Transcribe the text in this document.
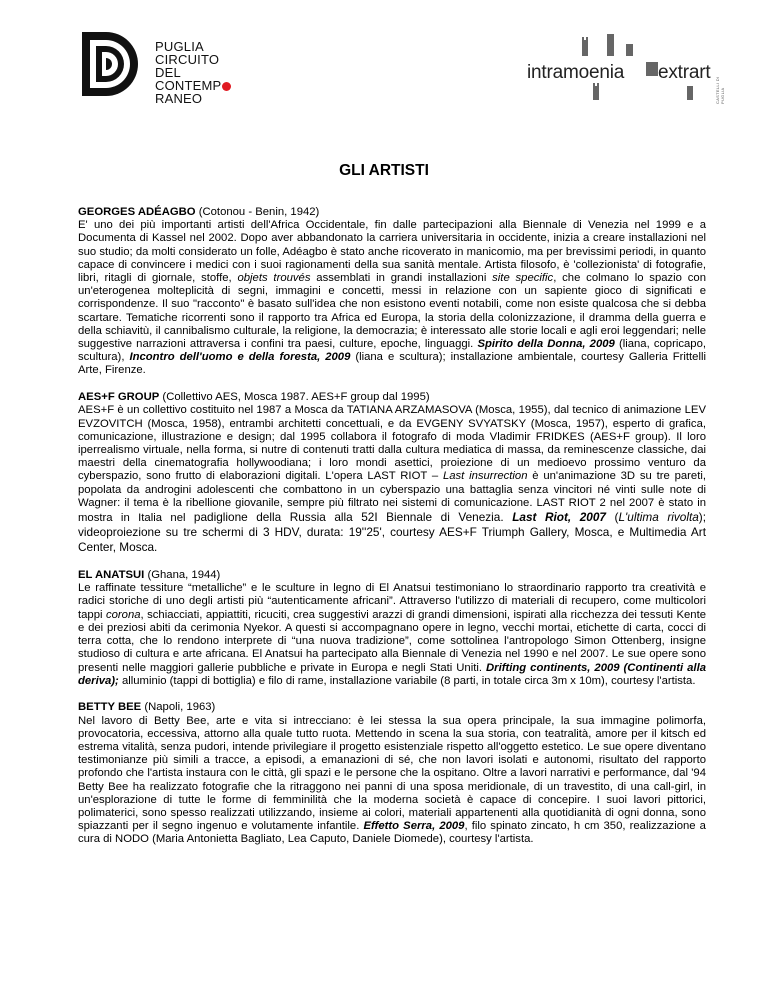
PUGLIA
CIRCUITO DEL
CONTEMPRANEO
intramoenia extrart
CASTELLI DI PUGLIA
GLI ARTISTI

GEORGES ADÉAGBO (Cotonou - Benin, 1942)

E' uno dei più importanti artisti dell'Africa Occidentale, fin dalle partecipazioni alla Biennale di Venezia nel 1999 e a Documenta di Kassel nel 2002. Dopo aver abbandonato la carriera universitaria in occidente, inizia a creare installazioni nel suo studio; da molti considerato un folle, Adéagbo è stato anche ricoverato in manicomio, ma per brevissimi periodi, in quanto capace di convincere i medici con i suoi ragionamenti della sua sanità mentale. Artista filosofo, è 'collezionista' di fotografie, libri, ritagli di giornale, stoffe, objets trouvés assemblati in grandi installazioni site specific, che colmano lo spazio con un'eterogenea molteplicità di segni, immagini e concetti, messi in relazione con un sapiente gioco di significati e corrispondenze. Il suo "racconto" è basato sull'idea che non esistono eventi notabili, come non esiste qualcosa che si debba scartare. Tematiche ricorrenti sono il rapporto tra Africa ed Europa, la storia della colonizzazione, il dramma della guerra e della schiavitù, il cannibalismo culturale, la religione, la democrazia; è interessato alle storie locali e agli eroi leggendari; nelle suggestive narrazioni attraversa i confini tra paesi, culture, epoche, linguaggi. Spirito della Donna, 2009 (liana, copricapo, scultura), Incontro dell'uomo e della foresta, 2009 (liana e scultura); installazione ambientale, courtesy Galleria Frittelli Arte, Firenze.

AES+F GROUP (Collettivo AES, Mosca 1987. AES+F group dal 1995)

AES+F è un collettivo costituito nel 1987 a Mosca da TATIANA ARZAMASOVA (Mosca, 1955), dal tecnico di animazione LEV EVZOVITCH (Mosca, 1958), entrambi architetti concettuali, e da EVGENY SVYATSKY (Mosca, 1957), esperto di grafica, comunicazione, illustrazione e design; dal 1995 collabora il fotografo di moda Vladimir FRIDKES (AES+F group). Il loro iperrealismo virtuale, nella forma, si nutre di contenuti tratti dalla cultura mediatica di massa, da reminescenze classiche, dai maestri della cinematografia hollywoodiana; i loro mondi asettici, proiezione di un medioevo prossimo venturo da cyberspazio, sono frutto di elaborazioni digitali. L'opera LAST RIOT – Last insurrection è un'animazione 3D su tre pareti, popolata da androgini adolescenti che combattono in un cyberspazio una battaglia senza vincitori né vinti sulle note di Wagner: il tema è la ribellione giovanile, sempre più filtrato nei sistemi di comunicazione. LAST RIOT 2 nel 2007 è stato in mostra in Italia nel padiglione della Russia alla 52I Biennale di Venezia. Last Riot, 2007 (L'ultima rivolta); videoproiezione su tre schermi di 3 HDV, durata: 19''25', courtesy AES+F Triumph Gallery, Mosca, e Multimedia Art Center, Mosca.

EL ANATSUI (Ghana, 1944)

Le raffinate tessiture “metalliche” e le sculture in legno di El Anatsui testimoniano lo straordinario rapporto tra creatività e radici storiche di uno degli artisti più “autenticamente africani”. Attraverso l'utilizzo di materiali di recupero, come multicolori tappi corona, schiacciati, appiattiti, ricuciti, crea suggestivi arazzi di grandi dimensioni, ispirati alla ricchezza dei tessuti Kente e dei preziosi abiti da cerimonia Nyekor. A questi si accompagnano opere in legno, vecchi mortai, etichette di carta, cocci di terra cotta, che lo rendono interprete di “una nuova tradizione”, come sottolinea l'antropologo Simon Ottenberg, insigne studioso di cultura e arte africana. El Anatsui ha partecipato alla Biennale di Venezia nel 1990 e nel 2007. Le sue opere sono presenti nelle maggiori gallerie pubbliche e private in Europa e negli Stati Uniti. Drifting continents, 2009 (Continenti alla deriva); alluminio (tappi di bottiglia) e filo di rame, installazione variabile (8 parti, in totale circa 3m x 10m), courtesy l'artista.

BETTY BEE (Napoli, 1963)

Nel lavoro di Betty Bee, arte e vita si intrecciano: è lei stessa la sua opera principale, la sua immagine polimorfa, provocatoria, eccessiva, attorno alla quale tutto ruota. Mettendo in scena la sua storia, con teatralità, amore per il kitsch ed estrema vitalità, senza pudori, intende privilegiare il progetto esistenziale rispetto all'oggetto estetico. Le sue opere diventano testimonianze più simili a tracce, a episodi, a emanazioni di sé, che non lavori isolati e autonomi, risultato del rapporto profondo che l'artista instaura con le città, gli spazi e le persone che la ospitano. Oltre a lavori narrativi e performance, dal '94 Betty Bee ha realizzato fotografie che la ritraggono nei panni di una sposa meridionale, di un travestito, di una call-girl, in un'esplorazione di tutte le forme di femminilità che la moderna società è capace di concepire. I suoi lavori pittorici, polimaterici, sono spesso realizzati utilizzando, insieme ai colori, materiali appartenenti alla quotidianità di ogni donna, sono spiazzanti per il segno ingenuo e volutamente infantile. Effetto Serra, 2009, filo spinato zincato, h cm 350, realizzazione a cura di NODO (Maria Antonietta Bagliato, Lea Caputo, Daniele Diomede), courtesy l'artista.
